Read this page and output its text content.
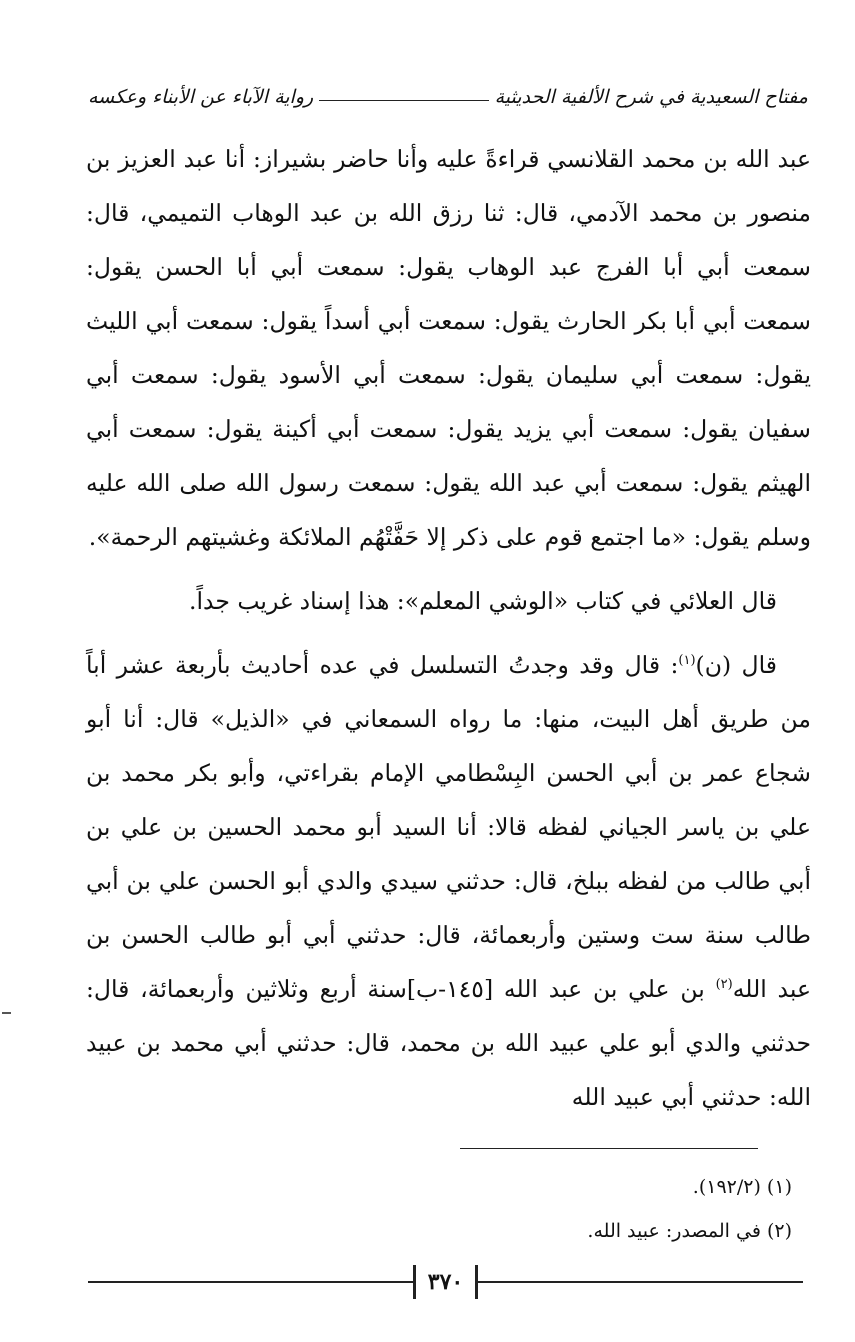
مفتاح السعيدية في شرح الألفية الحديثية
رواية الآباء عن الأبناء وعكسه

عبد الله بن محمد القلانسي قراءةً عليه وأنا حاضر بشيراز: أنا عبد العزيز بن منصور بن محمد الآدمي، قال: ثنا رزق الله بن عبد الوهاب التميمي، قال: سمعت أبي أبا الفرج عبد الوهاب يقول: سمعت أبي أبا الحسن يقول: سمعت أبي أبا بكر الحارث يقول: سمعت أبي أسداً يقول: سمعت أبي الليث يقول: سمعت أبي سليمان يقول: سمعت أبي الأسود يقول: سمعت أبي سفيان يقول: سمعت أبي يزيد يقول: سمعت أبي أكينة يقول: سمعت أبي الهيثم يقول: سمعت أبي عبد الله يقول: سمعت رسول الله صلى الله عليه وسلم يقول: «ما اجتمع قوم على ذكر إلا حَفَّتْهُم الملائكة وغشيتهم الرحمة».

قال العلائي في كتاب «الوشي المعلم»: هذا إسناد غريب جداً.

قال (ن)$^{(١)}$: قال وقد وجدتُ التسلسل في عده أحاديث بأربعة عشر أباً من طريق أهل البيت، منها: ما رواه السمعاني في «الذيل» قال: أنا أبو شجاع عمر بن أبي الحسن البِسْطامي الإمام بقراءتي، وأبو بكر محمد بن علي بن ياسر الجياني لفظه قالا: أنا السيد أبو محمد الحسين بن علي بن أبي طالب من لفظه ببلخ، قال: حدثني سيدي والدي أبو الحسن علي بن أبي طالب سنة ست وستين وأربعمائة، قال: حدثني أبي أبو طالب الحسن بن عبد الله$^{(٢)}$ بن علي بن عبد الله [١٤٥-ب]سنة أربع وثلاثين وأربعمائة، قال: حدثني والدي أبو علي عبيد الله بن محمد، قال: حدثني أبي محمد بن عبيد الله: حدثني أبي عبيد الله

(١) (١٩٢/٢).
(٢) في المصدر: عبيد الله.
٣٧٠
